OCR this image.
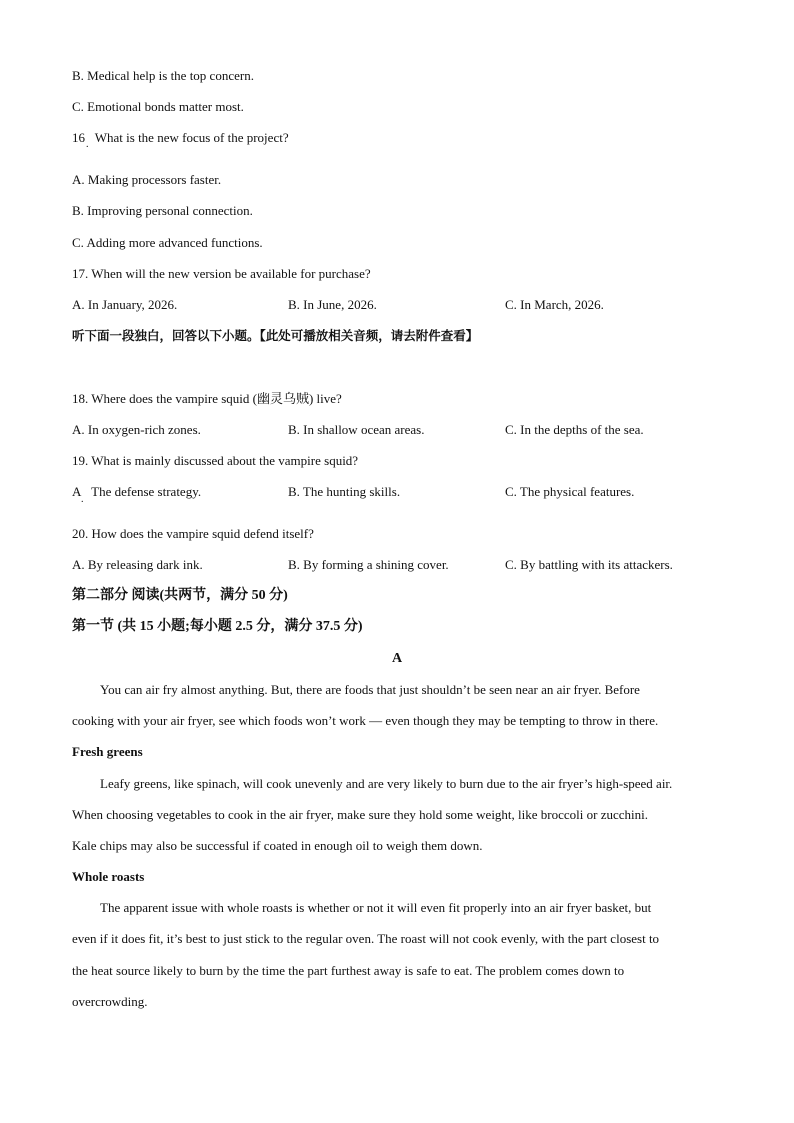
B. Medical help is the top concern.
C. Emotional bonds matter most.
16 . What is the new focus of the project?
A. Making processors faster.
B. Improving personal connection.
C. Adding more advanced functions.
17. When will the new version be available for purchase?
A. In January, 2026.	B. In June, 2026.	C. In March, 2026.
听下面一段独白，回答以下小题。【此处可播放相关音频，请去附件查看】
18. Where does the vampire squid (幽灵乌贼) live?
A. In oxygen-rich zones.	B. In shallow ocean areas.	C. In the depths of the sea.
19. What is mainly discussed about the vampire squid?
A
.
The defense strategy.	B. The hunting skills.	C. The physical features.
20. How does the vampire squid defend itself?
A. By releasing dark ink.	B. By forming a shining cover.	C. By battling with its attackers.
第二部分 阅读(共两节，满分 50 分)
第一节 (共 15 小题;每小题 2.5 分，满分 37.5 分)
A
You can air fry almost anything. But, there are foods that just shouldn’t be seen near an air fryer. Before
cooking with your air fryer, see which foods won’t work — even though they may be tempting to throw in there.
Fresh greens
Leafy greens, like spinach, will cook unevenly and are very likely to burn due to the air fryer’s high-speed air.
When choosing vegetables to cook in the air fryer, make sure they hold some weight, like broccoli or zucchini.
Kale chips may also be successful if coated in enough oil to weigh them down.
Whole roasts
The apparent issue with whole roasts is whether or not it will even fit properly into an air fryer basket, but
even if it does fit, it’s best to just stick to the regular oven. The roast will not cook evenly, with the part closest to
the heat source likely to burn by the time the part furthest away is safe to eat. The problem comes down to
overcrowding.
